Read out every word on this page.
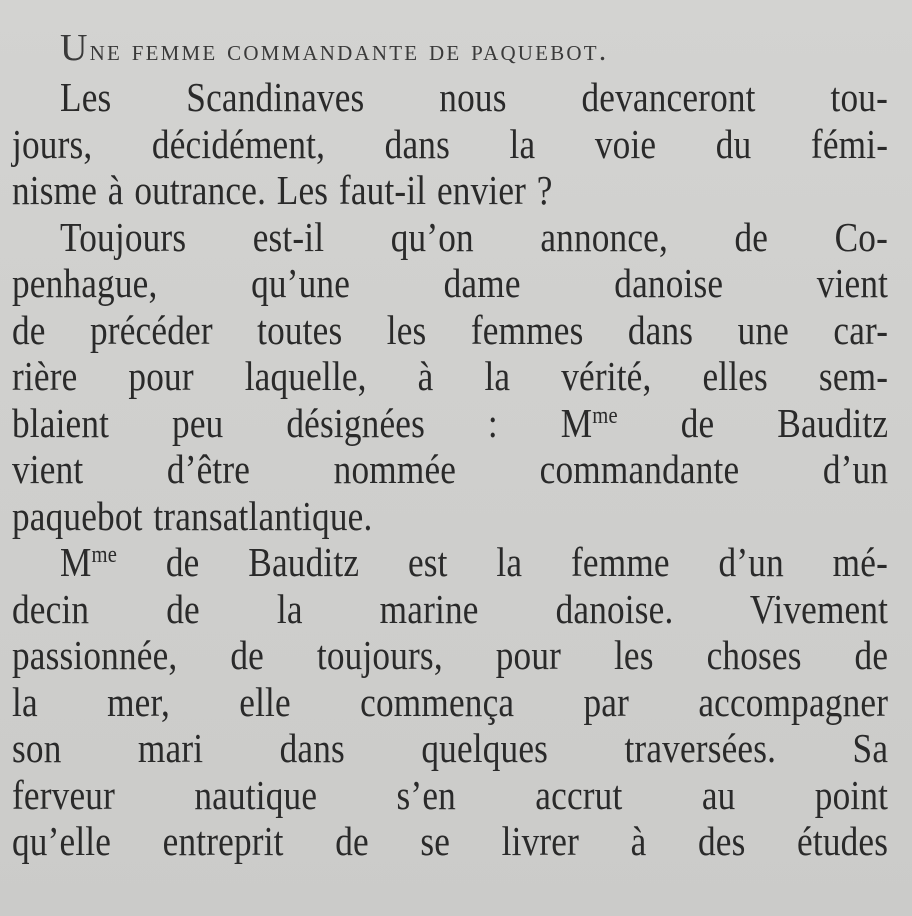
Une femme commandante de paquebot.
Les Scandinaves nous devanceront tou-
jours, décidément, dans la voie du fémi-
nisme à outrance. Les faut-il envier ?
Toujours est-il qu’on annonce, de Co-
penhague, qu’une dame danoise vient
de précéder toutes les femmes dans une car-
rière pour laquelle, à la vérité, elles sem-
blaient peu désignées : $M^{me}$ de Bauditz
vient d’être nommée commandante d’un
paquebot transatlantique.
$M^{me}$ de Bauditz est la femme d’un mé-
decin de la marine danoise. Vivement
passionnée, de toujours, pour les choses de
la mer, elle commença par accompagner
son mari dans quelques traversées. Sa
ferveur nautique s’en accrut au point
qu’elle entreprit de se livrer à des études
